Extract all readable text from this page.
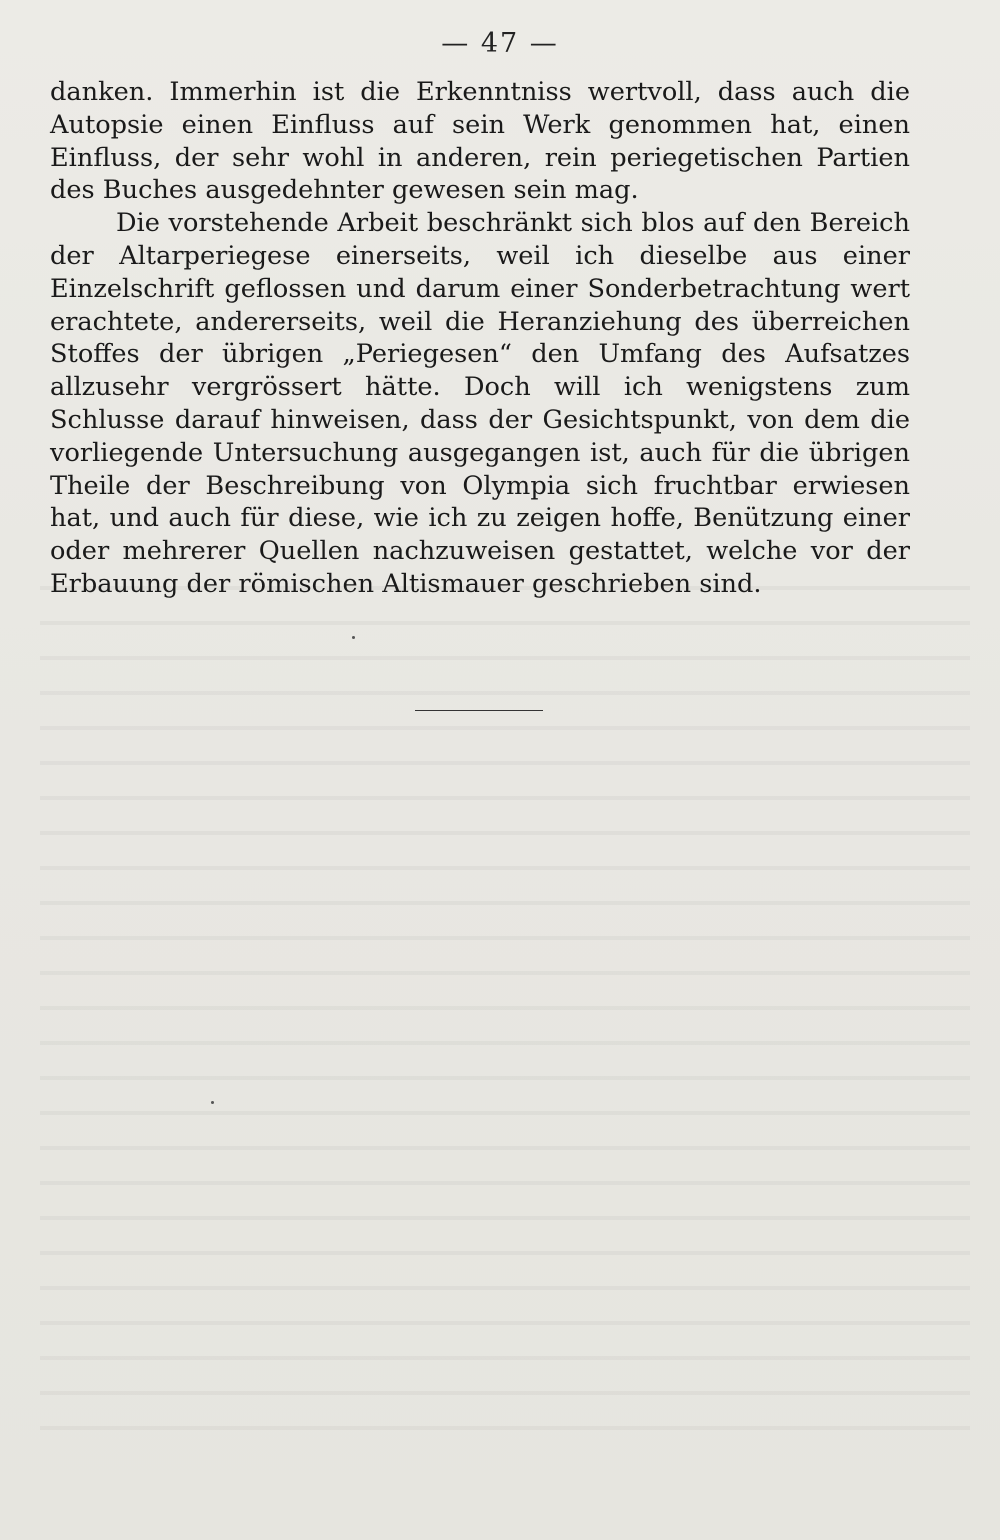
— 47 —

danken. Immerhin ist die Erkenntniss wertvoll, dass auch die Autopsie einen Einfluss auf sein Werk genommen hat, einen Einfluss, der sehr wohl in anderen, rein periegetischen Partien des Buches ausgedehnter gewesen sein mag.

Die vorstehende Arbeit beschränkt sich blos auf den Bereich der Altarperiegese einerseits, weil ich dieselbe aus einer Einzelschrift geflossen und darum einer Sonderbetrachtung wert erachtete, andererseits, weil die Heranziehung des überreichen Stoffes der übrigen „Periegesen“ den Umfang des Aufsatzes allzusehr vergrössert hätte. Doch will ich wenigstens zum Schlusse darauf hinweisen, dass der Gesichtspunkt, von dem die vorliegende Untersuchung ausgegangen ist, auch für die übrigen Theile der Beschreibung von Olympia sich fruchtbar erwiesen hat, und auch für diese, wie ich zu zeigen hoffe, Benützung einer oder mehrerer Quellen nachzuweisen gestattet, welche vor der Erbauung der römischen Altismauer geschrieben sind.
